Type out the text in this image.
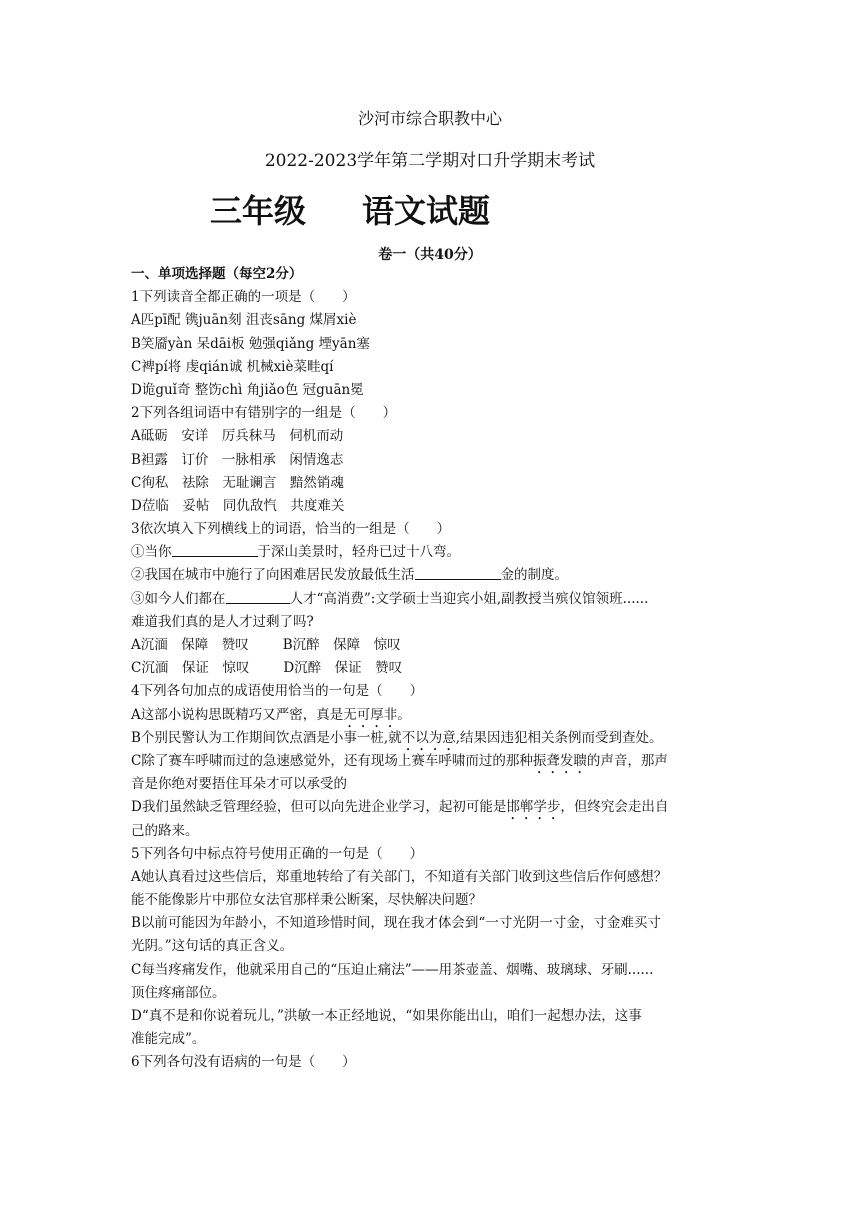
沙河市综合职教中心
2022-2023学年第二学期对口升学期末考试
三年级 语文试题
卷一（共40分）
一、单项选择题（每空2分）
1下列读音全都正确的一项是（　　）
A匹pī配 镌juān刻 沮丧sāng 煤屑xiè
B笑靥yàn 呆dāi板 勉强qiǎng 堙yān塞
C裨pí将 虔qián诚 机械xiè菜畦qí
D诡guǐ奇 整饬chì 角jiǎo色 冠guān冕
2下列各组词语中有错别字的一组是（　　）
A砥砺　安详　厉兵秣马　伺机而动
B袒露　订价　一脉相承　闲情逸志
C徇私　祛除　无耻谰言　黯然销魂
D莅临　妥帖　同仇敌忾　共度难关
3依次填入下列横线上的词语，恰当的一组是（　　）
①当你	于深山美景时，轻舟已过十八弯。
②我国在城市中施行了向困难居民发放最低生活	金的制度。
③如今人们都在	人才“高消费”:文学硕士当迎宾小姐,副教授当殡仪馆领班......
难道我们真的是人才过剩了吗?
A沉湎　保障　赞叹	B沉醉　保障　惊叹
C沉湎　保证　惊叹	D沉醉　保证　赞叹
4下列各句加点的成语使用恰当的一句是（　　）
A这部小说构思既精巧又严密，真是无可厚非。
B个别民警认为工作期间饮点酒是小事一桩,就不以为意,结果因违犯相关条例而受到查处。
C除了赛车呼啸而过的急速感觉外，还有现场上赛车呼啸而过的那种振聋发聩的声音，那声
音是你绝对要捂住耳朵才可以承受的
D我们虽然缺乏管理经验，但可以向先进企业学习，起初可能是邯郸学步，但终究会走出自
己的路来。
5下列各句中标点符号使用正确的一句是（　　）
A她认真看过这些信后，郑重地转给了有关部门，不知道有关部门收到这些信后作何感想？
能不能像影片中那位女法官那样秉公断案，尽快解决问题？
B以前可能因为年龄小，不知道珍惜时间，现在我才体会到“一寸光阴一寸金，寸金难买寸
光阴。”这句话的真正含义。
C每当疼痛发作，他就采用自己的“压迫止痛法”——用茶壶盖、烟嘴、玻璃球、牙刷......
顶住疼痛部位。
D“真不是和你说着玩儿，”洪敏一本正经地说，“如果你能出山，咱们一起想办法，这事
准能完成”。
6下列各句没有语病的一句是（　　）
